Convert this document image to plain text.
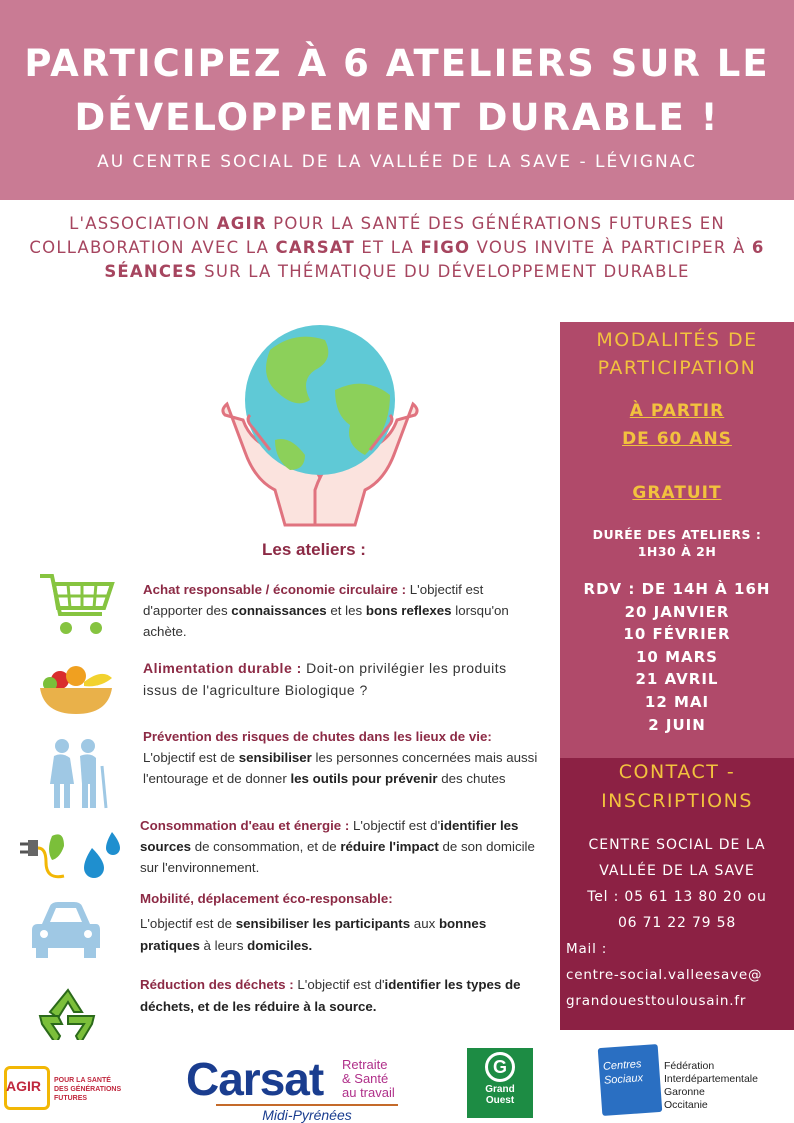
PARTICIPEZ À 6 ATELIERS SUR LE
DÉVELOPPEMENT DURABLE !
AU CENTRE SOCIAL DE LA VALLÉE DE LA SAVE - LÉVIGNAC
L'ASSOCIATION AGIR POUR LA SANTÉ DES GÉNÉRATIONS FUTURES EN COLLABORATION AVEC LA CARSAT ET LA FIGO VOUS INVITE À PARTICIPER À 6 SÉANCES SUR LA THÉMATIQUE DU DÉVELOPPEMENT DURABLE
Les ateliers :
Achat responsable / économie circulaire : L'objectif est d'apporter des connaissances et les bons reflexes lorsqu'on achète.
Alimentation durable : Doit-on privilégier les produits issus de l'agriculture Biologique ?
Prévention des risques de chutes dans les lieux de vie:
L'objectif est de sensibiliser les personnes concernées mais aussi l'entourage et de donner les outils pour prévenir des chutes
Consommation d'eau et énergie : L'objectif est d'identifier les sources de consommation, et de réduire l'impact de son domicile sur l'environnement.
Mobilité, déplacement éco-responsable:
L'objectif est de sensibiliser les participants aux bonnes pratiques à leurs domiciles.
Réduction des déchets : L'objectif est d'identifier les types de déchets, et de les réduire à la source.
MODALITÉS DE
PARTICIPATION
À PARTIR
DE 60 ANS
GRATUIT
DURÉE DES ATELIERS :
1H30 À 2H
RDV : DE 14H À 16H
20 JANVIER
10 FÉVRIER
10 MARS
21 AVRIL
12 MAI
2 JUIN
CONTACT -
INSCRIPTIONS
CENTRE SOCIAL DE LA
VALLÉE DE LA SAVE
Tel : 05 61 13 80 20 ou
06 71 22 79 58
Mail :
centre-social.valleesave@
grandouesttoulousain.fr
AGIR POUR LA SANTÉ DES GÉNÉRATIONS FUTURES	Carsat Retraite
& Santé
au travail
Midi-Pyrénées
G
Grand
Ouest
Centres Sociaux
Fédération
Interdépartementale
Garonne
Occitanie
